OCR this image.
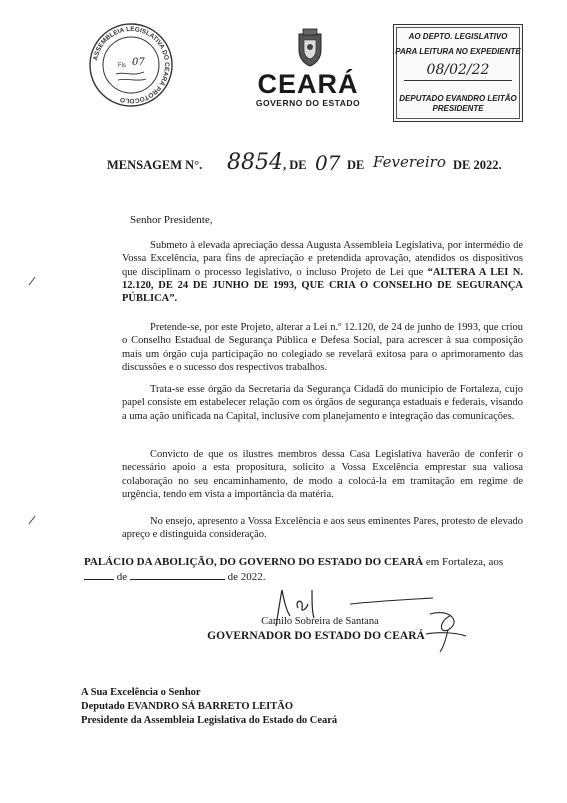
ASSEMBLEIA LEGISLATIVA DO CEARÁ PROTOCOLO
Fls 07
CEARÁ
GOVERNO DO ESTADO
AO DEPTO. LEGISLATIVO
PARA LEITURA NO EXPEDIENTE
08/02/22
DEPUTADO EVANDRO LEITÃO
PRESIDENTE
MENSAGEM N°. 8854 , DE 07 DE Fevereiro DE 2022.
Senhor Presidente,
Submeto à elevada apreciação dessa Augusta Assembleia Legislativa, por intermédio de Vossa Excelência, para fins de apreciação e pretendida aprovação, atendidos os dispositivos que disciplinam o processo legislativo, o incluso Projeto de Lei que “ALTERA A LEI N. 12.120, DE 24 DE JUNHO DE 1993, QUE CRIA O CONSELHO DE SEGURANÇA PÚBLICA”.
Pretende-se, por este Projeto, alterar a Lei n.º 12.120, de 24 de junho de 1993, que criou o Conselho Estadual de Segurança Pública e Defesa Social, para acrescer à sua composição mais um órgão cuja participação no colegiado se revelará exitosa para o aprimoramento das discussões e o sucesso dos respectivos trabalhos.
Trata-se esse órgão da Secretaria da Segurança Cidadã do município de Fortaleza, cujo papel consiste em estabelecer relação com os órgãos de segurança estaduais e federais, visando a uma ação unificada na Capital, inclusive com planejamento e integração das comunicações.
Convicto de que os ilustres membros dessa Casa Legislativa haverão de conferir o necessário apoio a esta propositura, solicito a Vossa Excelência emprestar sua valiosa colaboração no seu encaminhamento, de modo a colocá-la em tramitação em regime de urgência, tendo em vista a importância da matéria.
No ensejo, apresento a Vossa Excelência e aos seus eminentes Pares, protesto de elevado apreço e distinguida consideração.
PALÁCIO DA ABOLIÇÃO, DO GOVERNO DO ESTADO DO CEARÁ em Fortaleza, aos
de	de 2022.
Camilo Sobreira de Santana
GOVERNADOR DO ESTADO DO CEARÁ
A Sua Excelência o Senhor
Deputado EVANDRO SÁ BARRETO LEITÃO
Presidente da Assembleia Legislativa do Estado do Ceará
